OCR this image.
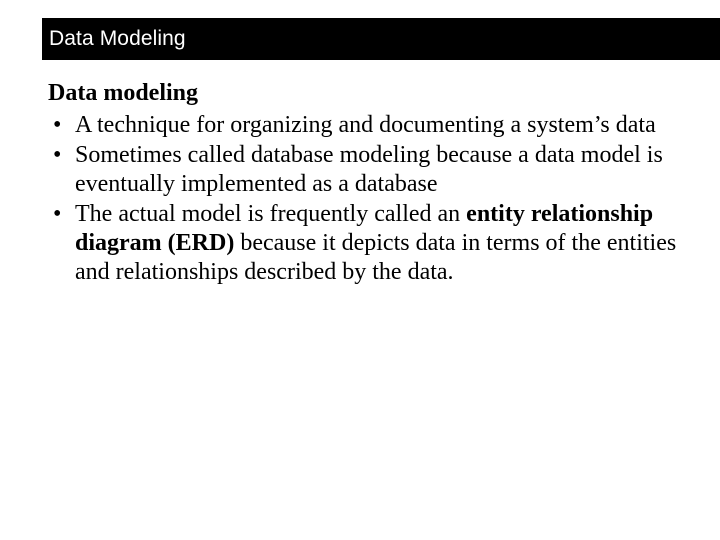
Data Modeling
Data modeling
• A technique for organizing and documenting a system’s data
• Sometimes called database modeling because a data model is eventually implemented as a database
• The actual model is frequently called an entity relationship diagram (ERD) because it depicts data in terms of the entities and relationships described by the data.
